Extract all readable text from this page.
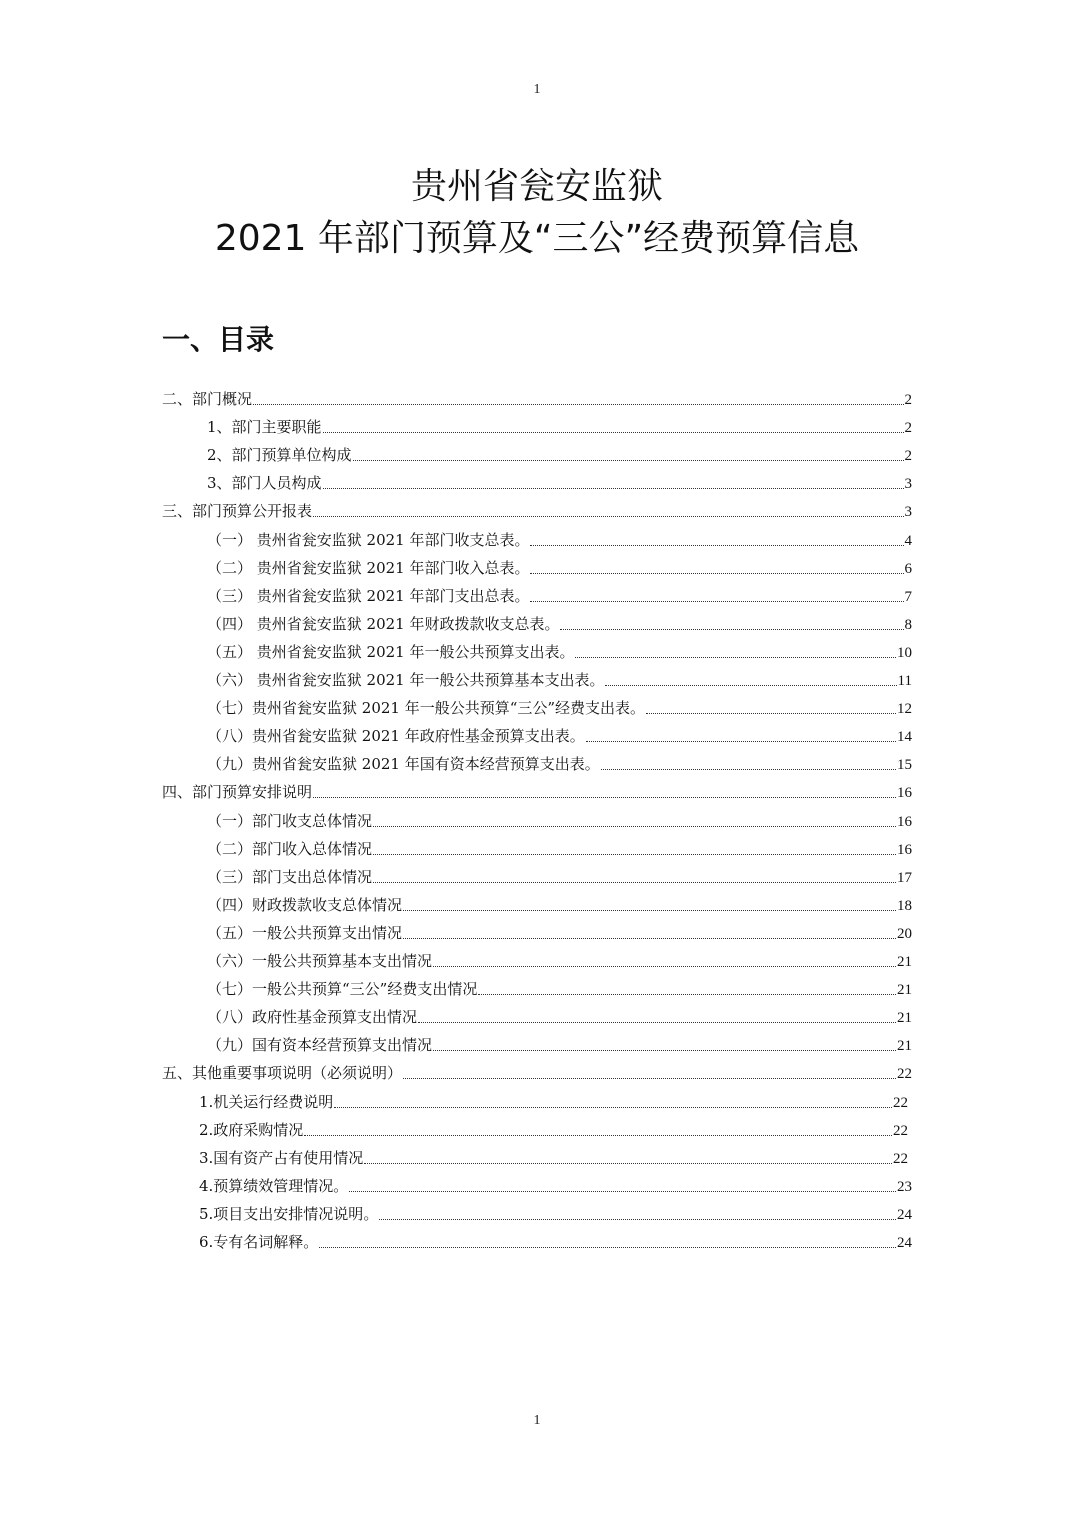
1
贵州省瓮安监狱
2021 年部门预算及“三公”经费预算信息
一、目录
二、部门概况	2
1、部门主要职能	2
2、部门预算单位构成	2
3、部门人员构成	3
三、部门预算公开报表	3
（一） 贵州省瓮安监狱 2021 年部门收支总表。	4
（二） 贵州省瓮安监狱 2021 年部门收入总表。	6
（三） 贵州省瓮安监狱 2021 年部门支出总表。	7
（四） 贵州省瓮安监狱 2021 年财政拨款收支总表。	8
（五） 贵州省瓮安监狱 2021 年一般公共预算支出表。	10
（六） 贵州省瓮安监狱 2021 年一般公共预算基本支出表。	11
（七）贵州省瓮安监狱 2021 年一般公共预算“三公”经费支出表。	12
（八）贵州省瓮安监狱 2021 年政府性基金预算支出表。	14
（九）贵州省瓮安监狱 2021 年国有资本经营预算支出表。	15
四、部门预算安排说明	16
（一）部门收支总体情况	16
（二）部门收入总体情况	16
（三）部门支出总体情况	17
（四）财政拨款收支总体情况	18
（五）一般公共预算支出情况	20
（六）一般公共预算基本支出情况	21
（七）一般公共预算“三公”经费支出情况	21
（八）政府性基金预算支出情况	21
（九）国有资本经营预算支出情况	21
五、其他重要事项说明（必须说明）	22
1.机关运行经费说明	22
2.政府采购情况	22
3.国有资产占有使用情况	22
4.预算绩效管理情况。	23
5.项目支出安排情况说明。	24
6.专有名词解释。	24
1
